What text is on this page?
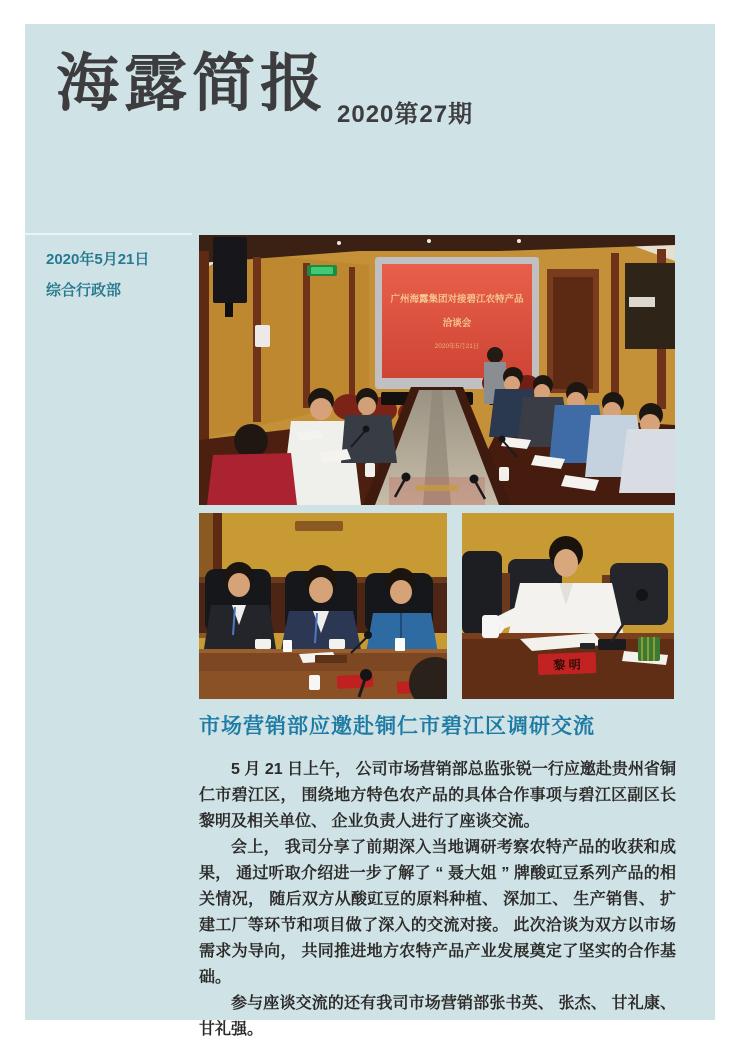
海露简报 2020第27期
2020年5月21日
综合行政部
广州海露集团对接碧江农特产品
洽谈会
2020年5月21日
黎 明
市场营销部应邀赴铜仁市碧江区调研交流

5 月 21 日上午， 公司市场营销部总监张锐一行应邀赴贵州省铜仁市碧江区， 围绕地方特色农产品的具体合作事项与碧江区副区长黎明及相关单位、 企业负责人进行了座谈交流。

会上， 我司分享了前期深入当地调研考察农特产品的收获和成果， 通过听取介绍进一步了解了 “ 聂大姐 ” 牌酸豇豆系列产品的相关情况， 随后双方从酸豇豆的原料种植、 深加工、 生产销售、 扩建工厂等环节和项目做了深入的交流对接。 此次洽谈为双方以市场需求为导向， 共同推进地方农特产品产业发展奠定了坚实的合作基础。

参与座谈交流的还有我司市场营销部张书英、 张杰、 甘礼康、 甘礼强。
